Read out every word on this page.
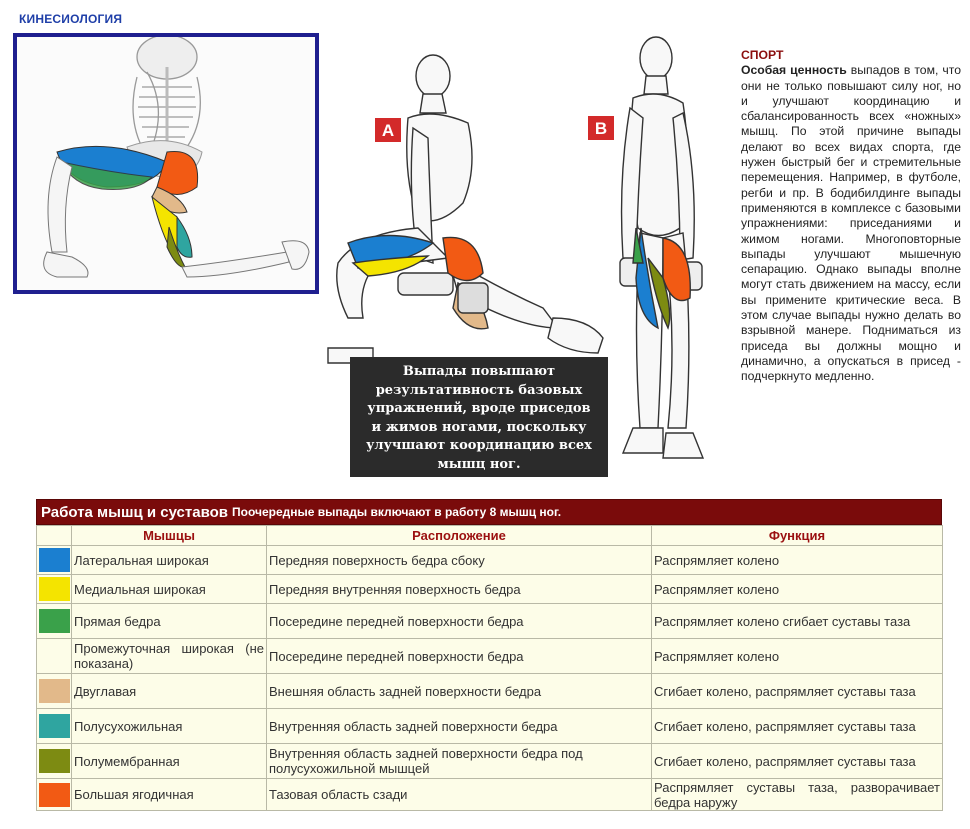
КИНЕСИОЛОГИЯ
A	B
Выпады повышают
результативность базовых
упражнений, вроде приседов
и жимов ногами, поскольку
улучшают координацию всех
мышц ног.
СПОРТ
Особая ценность выпадов в том, что они не только повышают силу ног, но и улучшают координацию и сбалансированность всех «ножных» мышц. По этой причине выпады делают во всех видах спорта, где нужен быстрый бег и стремительные перемещения. Например, в футболе, регби и пр. В бодибилдинге выпады применяются в комплексе с базовыми упражнениями: приседаниями и жимом ногами. Многоповторные выпады улучшают мышечную сепарацию. Однако выпады вполне могут стать движением на массу, если вы примените критические веса. В этом случае выпады нужно делать во взрывной манере. Подниматься из приседа вы должны мощно и динамично, а опускаться в присед - подчеркнуто медленно.
Работа мышц и суставов Поочередные выпады включают в работу 8 мышц ног.
	Мышцы	Расположение	Функция

	Латеральная широкая	Передняя поверхность бедра сбоку	Распрямляет колено

	Медиальная широкая	Передняя внутренняя поверхность бедра	Распрямляет колено

	Прямая бедра	Посередине передней поверхности бедра	Распрямляет колено сгибает суставы таза

	Промежуточная широкая (не показана)	Посередине передней поверхности бедра	Распрямляет колено

	Двуглавая	Внешняя область задней поверхности бедра	Сгибает колено, распрямляет суставы таза

	Полусухожильная	Внутренняя область задней поверхности бедра	Сгибает колено, распрямляет суставы таза

	Полумембранная	Внутренняя область задней поверхности бедра под полусухожильной мышцей	Сгибает колено, распрямляет суставы таза

	Большая ягодичная	Тазовая область сзади	Распрямляет суставы таза, разворачивает бедра наружу
